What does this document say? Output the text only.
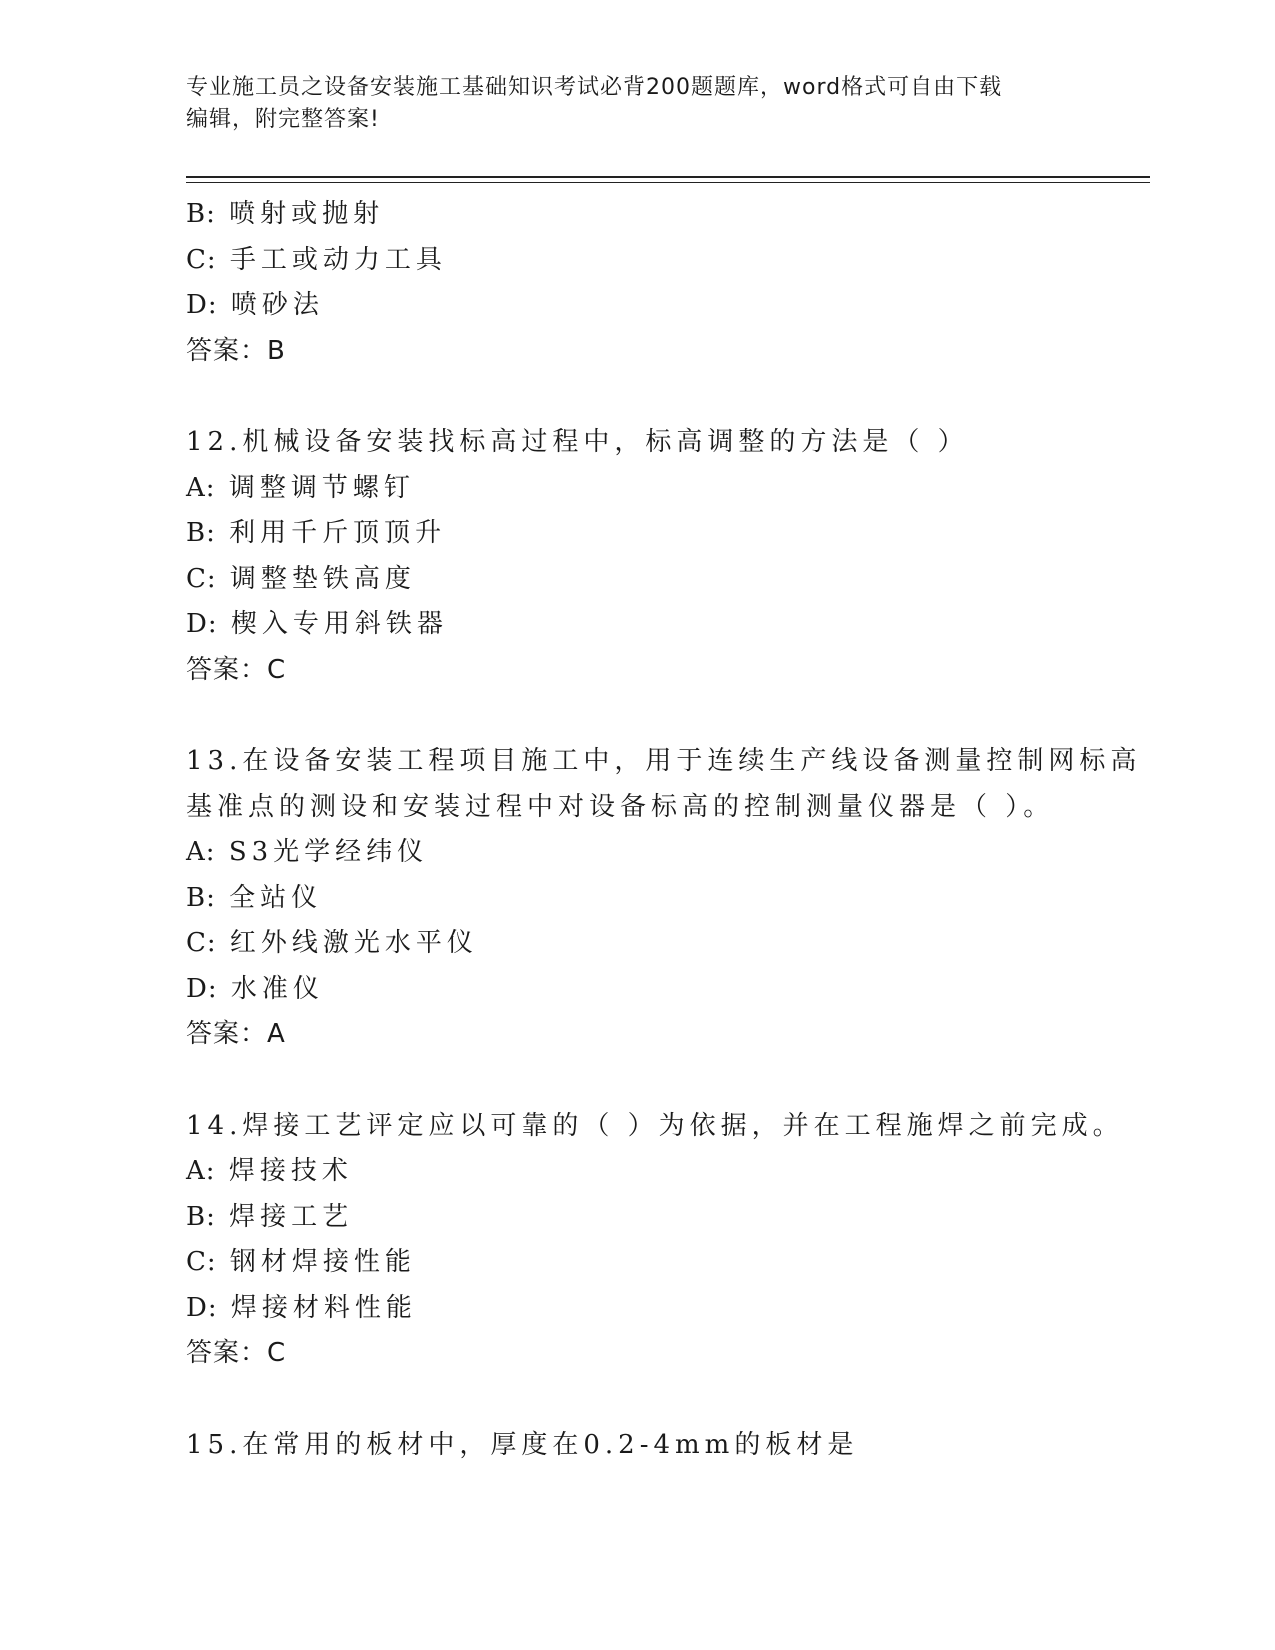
专业施工员之设备安装施工基础知识考试必背200题题库，word格式可自由下载
编辑，附完整答案!
B: 喷射或抛射
C: 手工或动力工具
D: 喷砂法
答案：B
12.机械设备安装找标高过程中，标高调整的方法是（ ）
A: 调整调节螺钉
B: 利用千斤顶顶升
C: 调整垫铁高度
D: 楔入专用斜铁器
答案：C
13.在设备安装工程项目施工中，用于连续生产线设备测量控制网标高
基准点的测设和安装过程中对设备标高的控制测量仪器是（ ）。
A: S3光学经纬仪
B: 全站仪
C: 红外线激光水平仪
D: 水准仪
答案：A
14.焊接工艺评定应以可靠的（ ）为依据，并在工程施焊之前完成。
A: 焊接技术
B: 焊接工艺
C: 钢材焊接性能
D: 焊接材料性能
答案：C
15.在常用的板材中，厚度在0.2-4mm的板材是
